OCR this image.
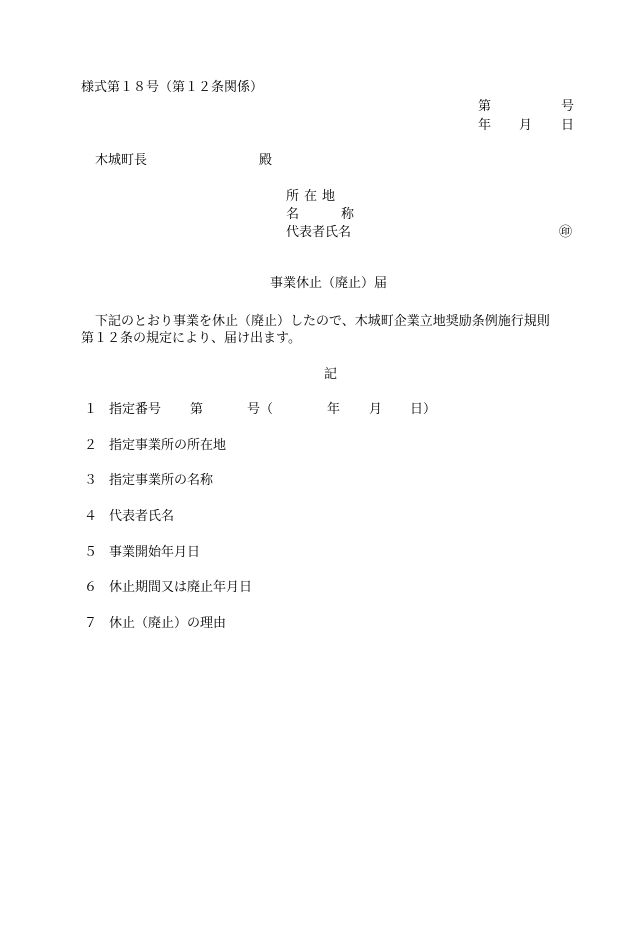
様式第１８号（第１２条関係）
第	号
年 月 日
木城町長	殿
所在地
名	称
代表者氏名	㊞
事業休止（廃止）届
下記のとおり事業を休止（廃止）したので、木城町企業立地奨励条例施行規則
第１２条の規定により、届け出ます。
記
１ 指定番号 第	号（	年 月 日）
２ 指定事業所の所在地
３ 指定事業所の名称
４ 代表者氏名
５ 事業開始年月日
６ 休止期間又は廃止年月日
７ 休止（廃止）の理由
